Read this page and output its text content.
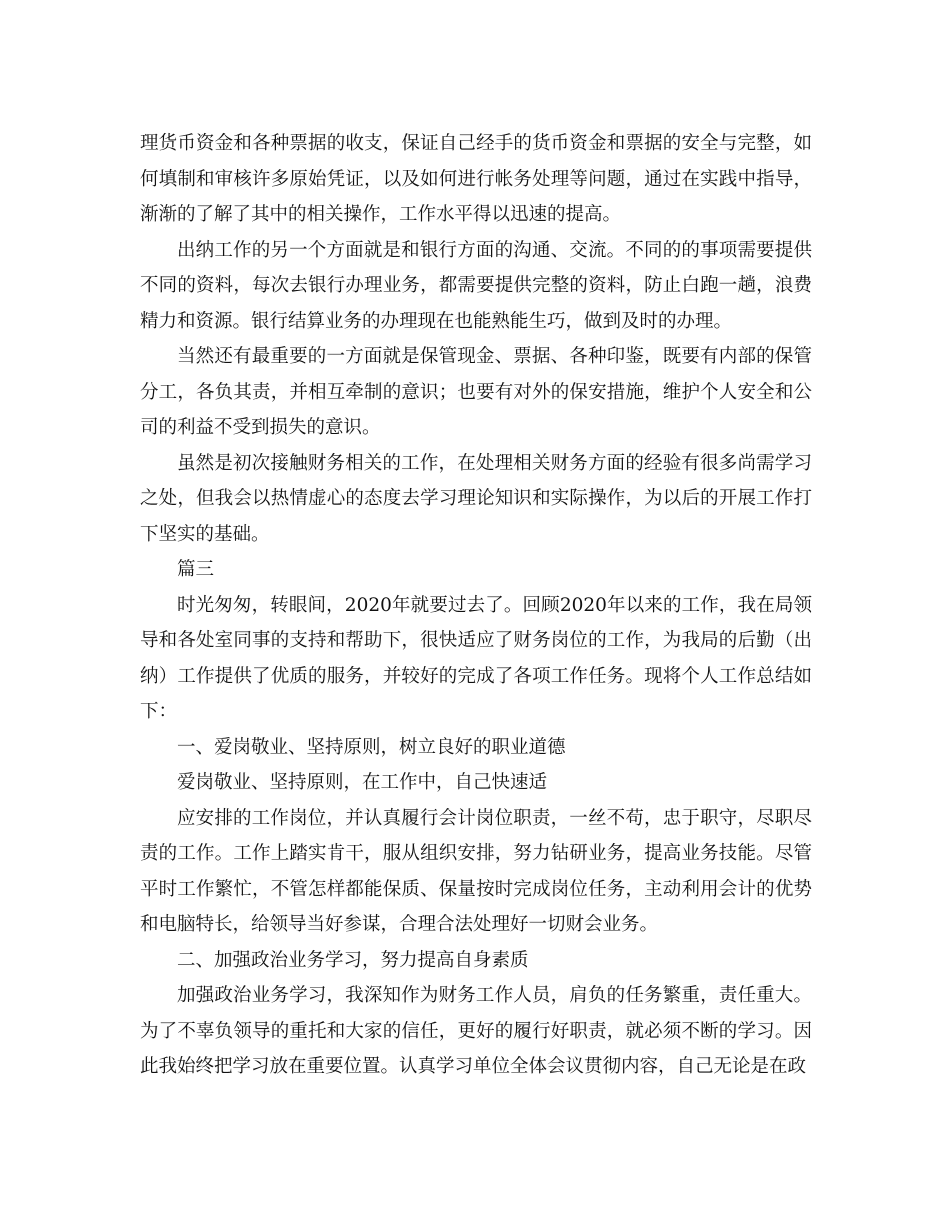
理货币资金和各种票据的收支，保证自己经手的货币资金和票据的安全与完整，如何填制和审核许多原始凭证，以及如何进行帐务处理等问题，通过在实践中指导，渐渐的了解了其中的相关操作，工作水平得以迅速的提高。

出纳工作的另一个方面就是和银行方面的沟通、交流。不同的的事项需要提供不同的资料，每次去银行办理业务，都需要提供完整的资料，防止白跑一趟，浪费精力和资源。银行结算业务的办理现在也能熟能生巧，做到及时的办理。

当然还有最重要的一方面就是保管现金、票据、各种印鉴，既要有内部的保管分工，各负其责，并相互牵制的意识；也要有对外的保安措施，维护个人安全和公司的利益不受到损失的意识。

虽然是初次接触财务相关的工作，在处理相关财务方面的经验有很多尚需学习之处，但我会以热情虚心的态度去学习理论知识和实际操作，为以后的开展工作打下坚实的基础。

篇三

时光匆匆，转眼间，2020年就要过去了。回顾2020年以来的工作，我在局领导和各处室同事的支持和帮助下，很快适应了财务岗位的工作，为我局的后勤（出纳）工作提供了优质的服务，并较好的完成了各项工作任务。现将个人工作总结如下：

一、爱岗敬业、坚持原则，树立良好的职业道德

爱岗敬业、坚持原则，在工作中，自己快速适

应安排的工作岗位，并认真履行会计岗位职责，一丝不苟，忠于职守，尽职尽责的工作。工作上踏实肯干，服从组织安排，努力钻研业务，提高业务技能。尽管平时工作繁忙，不管怎样都能保质、保量按时完成岗位任务，主动利用会计的优势和电脑特长，给领导当好参谋，合理合法处理好一切财会业务。

二、加强政治业务学习，努力提高自身素质

加强政治业务学习，我深知作为财务工作人员，肩负的任务繁重，责任重大。为了不辜负领导的重托和大家的信任，更好的履行好职责，就必须不断的学习。因此我始终把学习放在重要位置。认真学习单位全体会议贯彻内容，自己无论是在政
